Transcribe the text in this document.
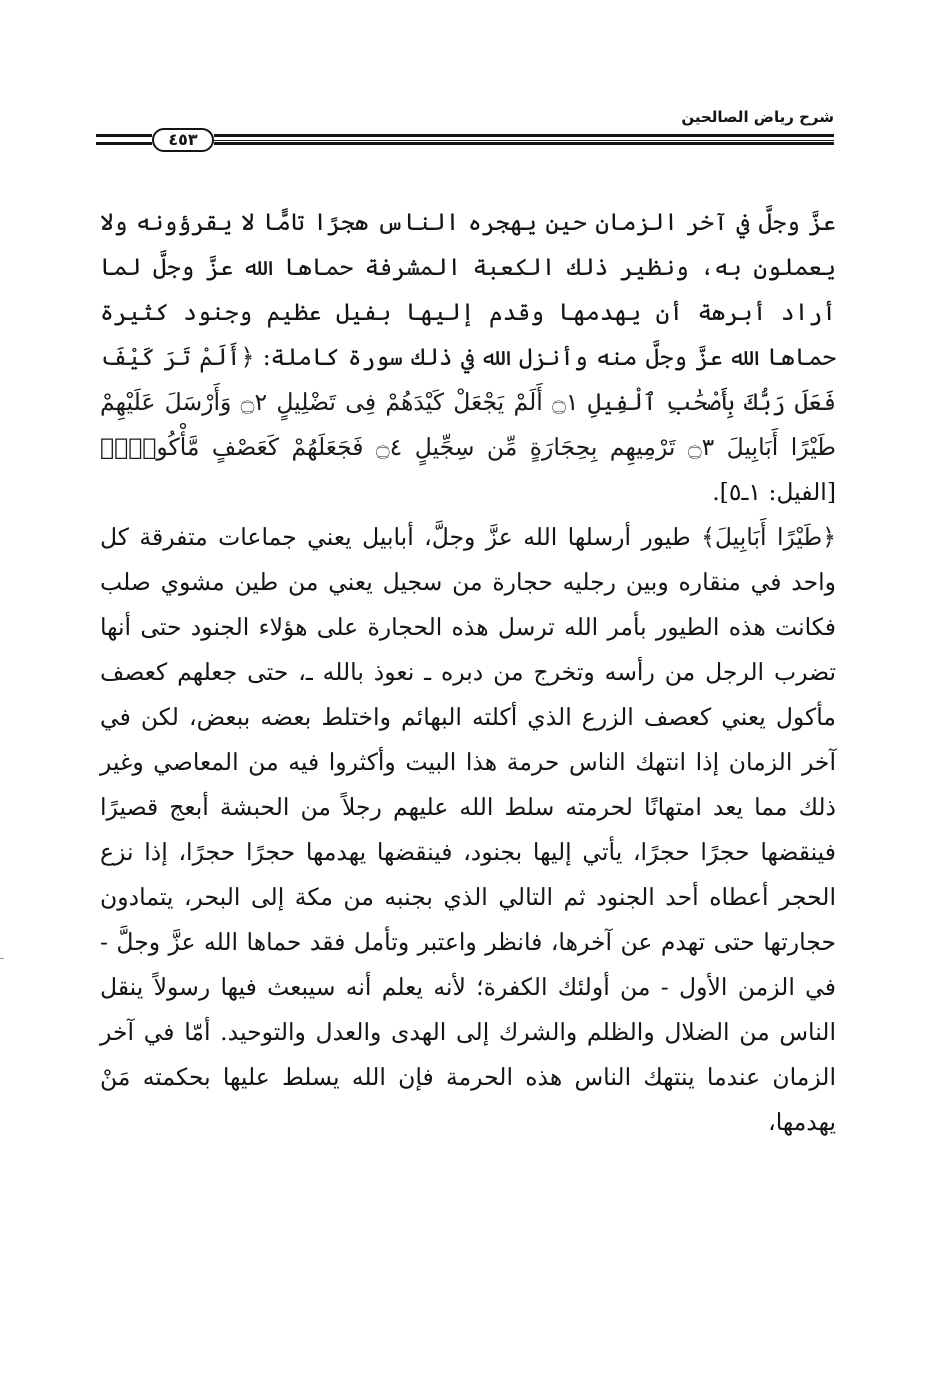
شرح رياض الصالحين
٤٥٣

عزَّ وجلَّ في آخر الزمان حين يهجره الناس هجرًا تامًّا لا يقرؤونه ولا يعملون به، ونظير ذلك الكعبة المشرفة حماها الله عزَّ وجلَّ لما أراد أبرهة أن يهدمها وقدم إليها بفيل عظيم وجنود كثيرة حماها الله عزَّ وجلَّ منه وأنزل الله في ذلك سورة كاملة: ﴿أَلَمْ تَرَ كَيْفَ فَعَلَ رَبُّكَ بِأَصْحَٰبِ ٱلْفِيلِ ۝١ أَلَمْ يَجْعَلْ كَيْدَهُمْ فِى تَضْلِيلٍ ۝٢ وَأَرْسَلَ عَلَيْهِمْ طَيْرًا أَبَابِيلَ ۝٣ تَرْمِيهِم بِحِجَارَةٍ مِّن سِجِّيلٍ ۝٤ فَجَعَلَهُمْ كَعَصْفٍ مَّأْكُولٍۭ﴾ [الفيل: ١ـ٥].

﴿طَيْرًا أَبَابِيلَ﴾ طيور أرسلها الله عزَّ وجلَّ، أبابيل يعني جماعات متفرقة كل واحد في منقاره وبين رجليه حجارة من سجيل يعني من طين مشوي صلب فكانت هذه الطيور بأمر الله ترسل هذه الحجارة على هؤلاء الجنود حتى أنها تضرب الرجل من رأسه وتخرج من دبره ـ نعوذ بالله ـ، حتى جعلهم كعصف مأكول يعني كعصف الزرع الذي أكلته البهائم واختلط بعضه ببعض، لكن في آخر الزمان إذا انتهك الناس حرمة هذا البيت وأكثروا فيه من المعاصي وغير ذلك مما يعد امتهانًا لحرمته سلط الله عليهم رجلاً من الحبشة أبعج قصيرًا فينقضها حجرًا حجرًا، يأتي إليها بجنود، فينقضها يهدمها حجرًا حجرًا، إذا نزع الحجر أعطاه أحد الجنود ثم التالي الذي بجنبه من مكة إلى البحر، يتمادون حجارتها حتى تهدم عن آخرها، فانظر واعتبر وتأمل فقد حماها الله عزَّ وجلَّ - في الزمن الأول - من أولئك الكفرة؛ لأنه يعلم أنه سيبعث فيها رسولاً ينقل الناس من الضلال والظلم والشرك إلى الهدى والعدل والتوحيد. أمّا في آخر الزمان عندما ينتهك الناس هذه الحرمة فإن الله يسلط عليها بحكمته مَنْ يهدمها،
